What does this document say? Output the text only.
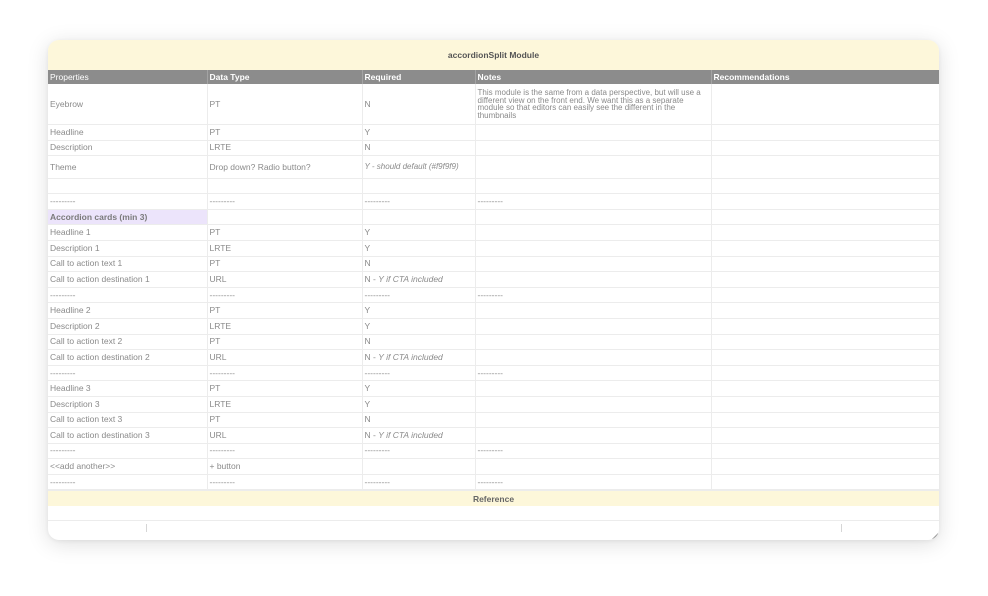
accordionSplit Module
Properties	Data Type	Required	Notes	Recommendations
Eyebrow	PT	N	This module is the same from a data perspective, but will use a different view on the front end. We want this as a separate module so that editors can easily see the different in the thumbnails	
Headline	PT	Y		
Description	LRTE	N		
Theme	Drop down? Radio button?	Y - should default (#f9f9f9)		

---------	---------	---------	---------	
Accordion cards (min 3)				
Headline 1	PT	Y		
Description 1	LRTE	Y		
Call to action text 1	PT	N		
Call to action destination 1	URL	N - Y if CTA included		
---------	---------	---------	---------	
Headline 2	PT	Y		
Description 2	LRTE	Y		
Call to action text 2	PT	N		
Call to action destination 2	URL	N - Y if CTA included		
---------	---------	---------	---------	
Headline 3	PT	Y		
Description 3	LRTE	Y		
Call to action text 3	PT	N		
Call to action destination 3	URL	N - Y if CTA included		
---------	---------	---------	---------	
<<add another>>	+ button			
---------	---------	---------	---------	
Reference
